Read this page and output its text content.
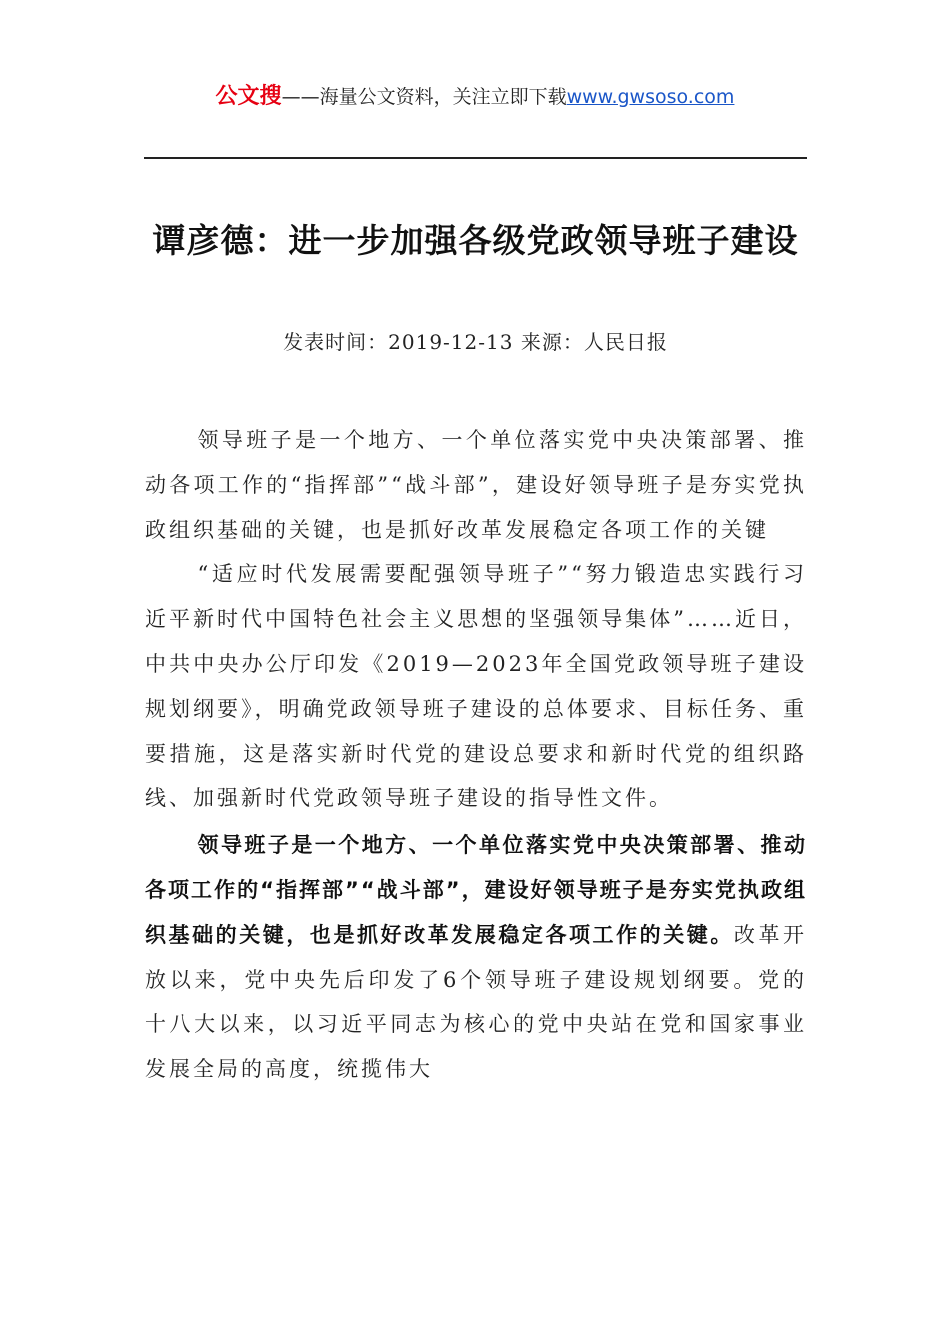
公文搜——海量公文资料，关注立即下载www.gwsoso.com
谭彦德：进一步加强各级党政领导班子建设
发表时间：2019-12-13 来源：人民日报

领导班子是一个地方、一个单位落实党中央决策部署、推动各项工作的“指挥部”“战斗部”，建设好领导班子是夯实党执政组织基础的关键，也是抓好改革发展稳定各项工作的关键

“适应时代发展需要配强领导班子”“努力锻造忠实践行习近平新时代中国特色社会主义思想的坚强领导集体”……近日，中共中央办公厅印发《2019—2023年全国党政领导班子建设规划纲要》，明确党政领导班子建设的总体要求、目标任务、重要措施，这是落实新时代党的建设总要求和新时代党的组织路线、加强新时代党政领导班子建设的指导性文件。

领导班子是一个地方、一个单位落实党中央决策部署、推动各项工作的“指挥部”“战斗部”，建设好领导班子是夯实党执政组织基础的关键，也是抓好改革发展稳定各项工作的关键。改革开放以来，党中央先后印发了6个领导班子建设规划纲要。党的十八大以来，以习近平同志为核心的党中央站在党和国家事业发展全局的高度，统揽伟大
